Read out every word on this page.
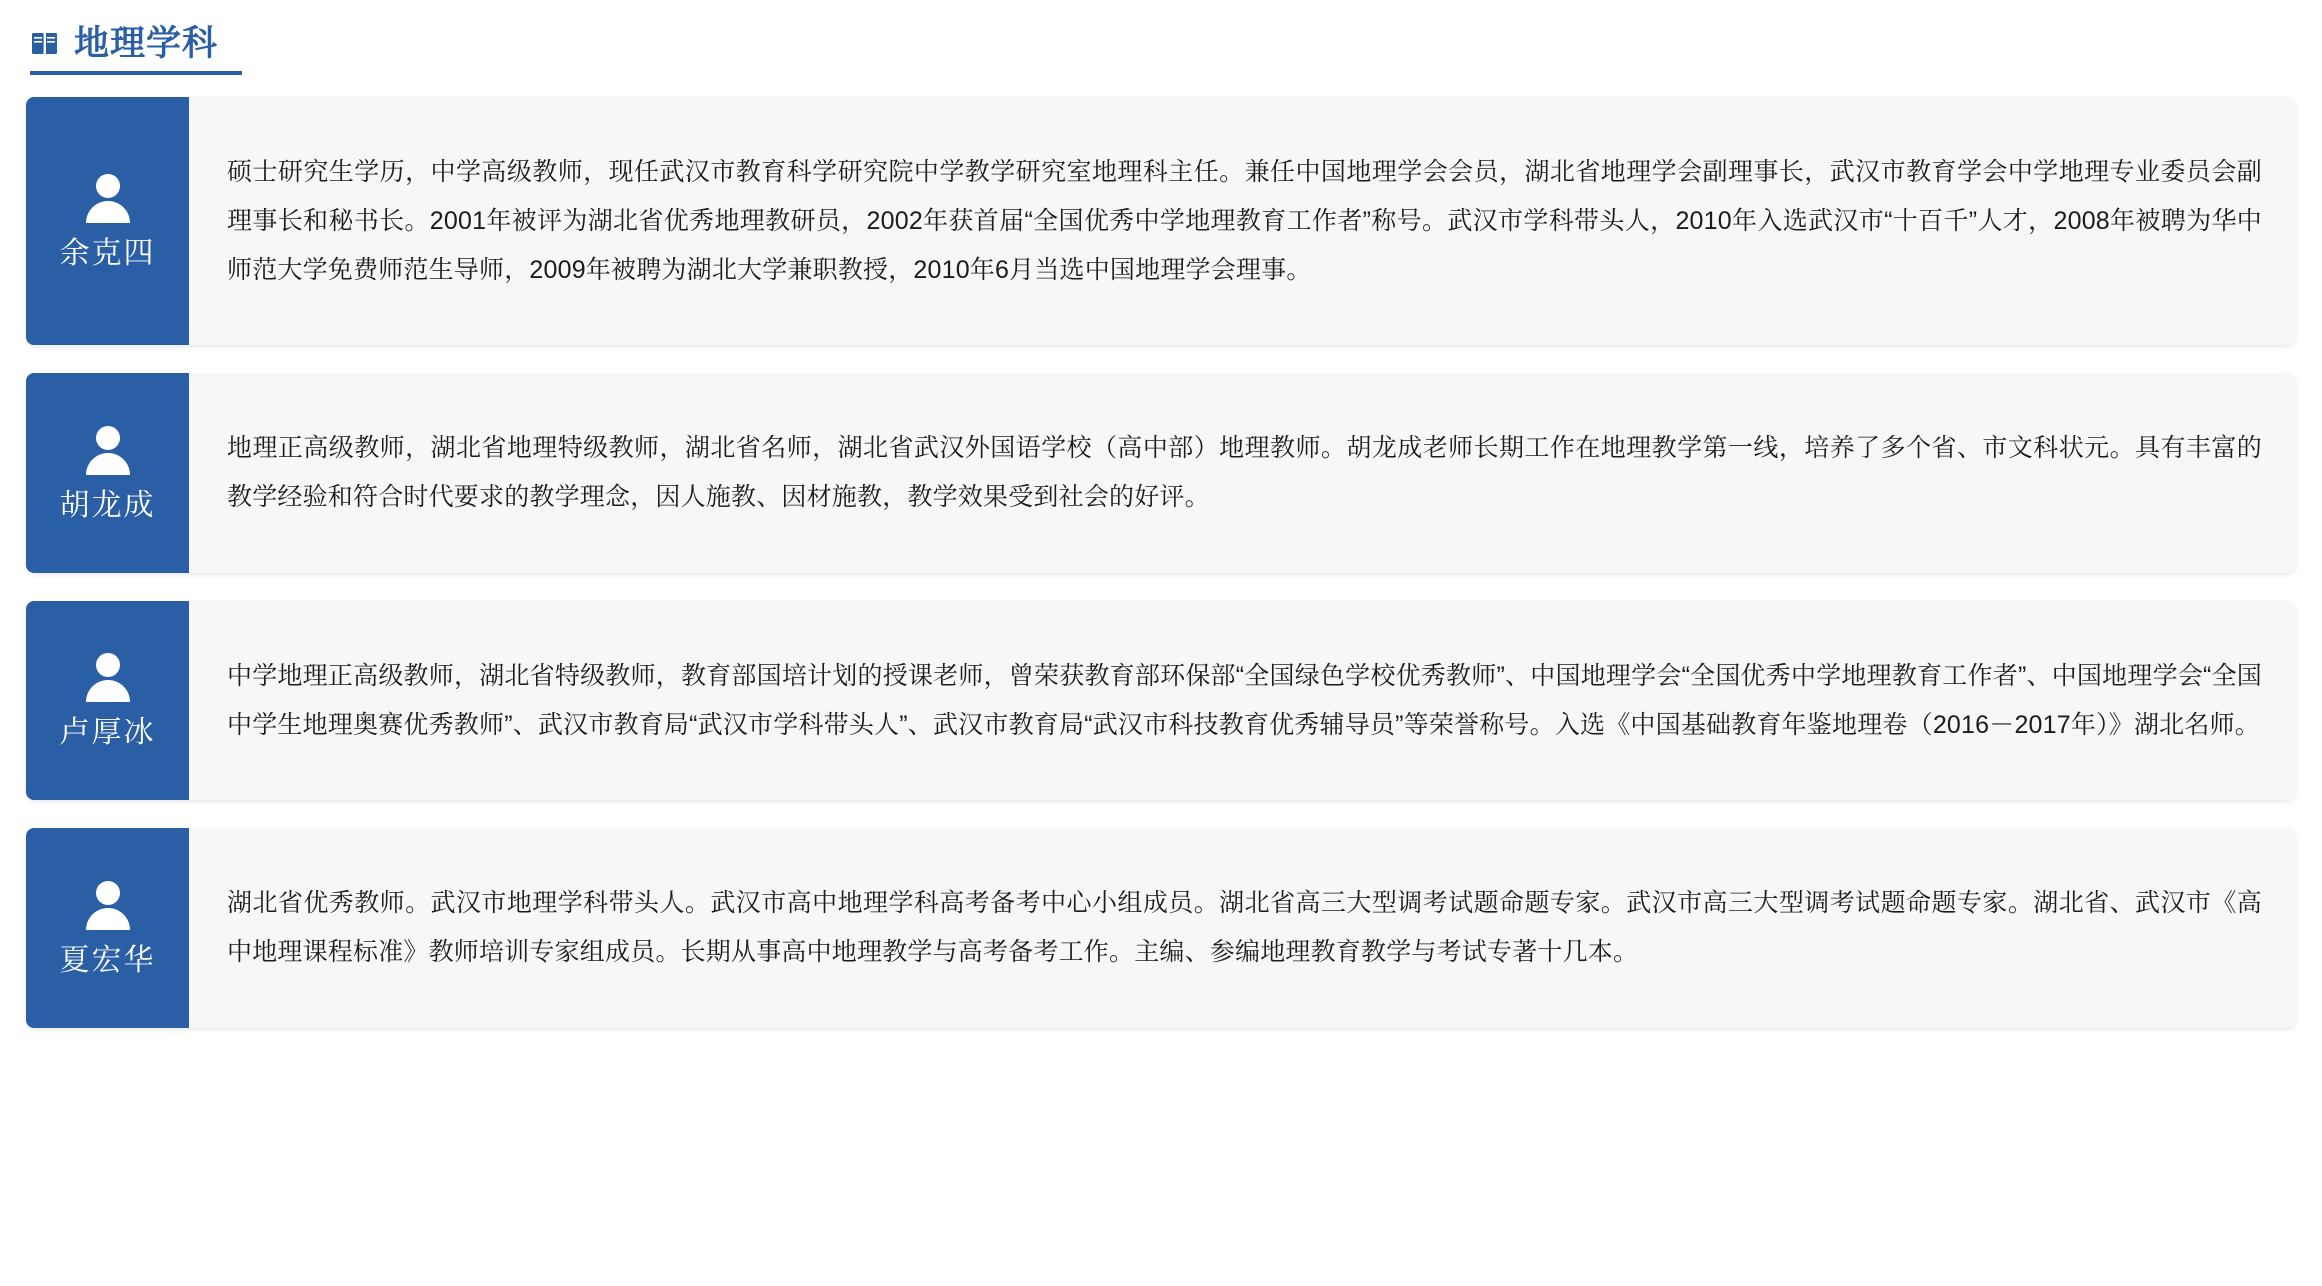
地理学科
余克四

硕士研究生学历，中学高级教师，现任武汉市教育科学研究院中学教学研究室地理科主任。兼任中国地理学会会员，湖北省地理学会副理事长，武汉市教育学会中学地理专业委员会副理事长和秘书长。2001年被评为湖北省优秀地理教研员，2002年获首届“全国优秀中学地理教育工作者”称号。武汉市学科带头人，2010年入选武汉市“十百千”人才，2008年被聘为华中师范大学免费师范生导师，2009年被聘为湖北大学兼职教授，2010年6月当选中国地理学会理事。

胡龙成

地理正高级教师，湖北省地理特级教师，湖北省名师，湖北省武汉外国语学校（高中部）地理教师。胡龙成老师长期工作在地理教学第一线，培养了多个省、市文科状元。具有丰富的教学经验和符合时代要求的教学理念，因人施教、因材施教，教学效果受到社会的好评。

卢厚冰

中学地理正高级教师，湖北省特级教师，教育部国培计划的授课老师，曾荣获教育部环保部“全国绿色学校优秀教师”、中国地理学会“全国优秀中学地理教育工作者”、中国地理学会“全国中学生地理奥赛优秀教师”、武汉市教育局“武汉市学科带头人”、武汉市教育局“武汉市科技教育优秀辅导员”等荣誉称号。入选《中国基础教育年鉴地理卷（2016－2017年）》湖北名师。

夏宏华

湖北省优秀教师。武汉市地理学科带头人。武汉市高中地理学科高考备考中心小组成员。湖北省高三大型调考试题命题专家。武汉市高三大型调考试题命题专家。湖北省、武汉市《高中地理课程标准》教师培训专家组成员。长期从事高中地理教学与高考备考工作。主编、参编地理教育教学与考试专著十几本。
